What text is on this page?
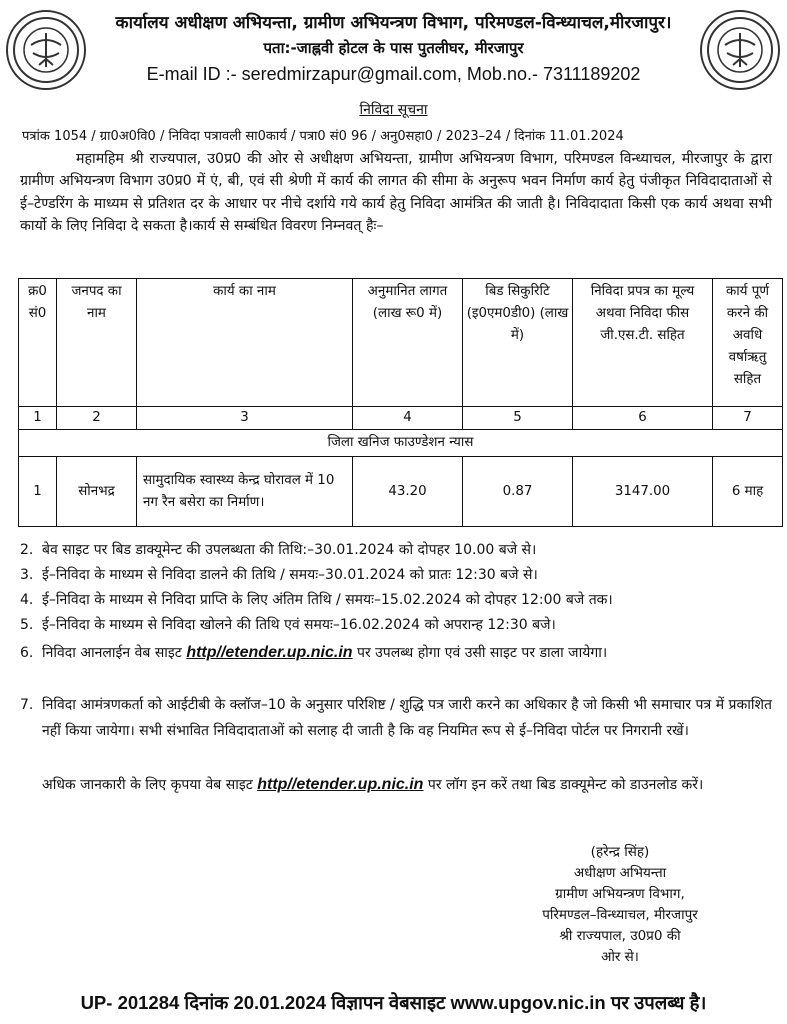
कार्यालय अधीक्षण अभियन्ता, ग्रामीण अभियन्त्रण विभाग, परिमण्डल-विन्ध्याचल,मीरजापुर।
पता:-जाह्नवी होटल के पास पुतलीघर, मीरजापुर
E-mail ID :- seredmirzapur@gmail.com, Mob.no.- 7311189202
निविदा सूचना
पत्रांक 1054 / ग्रा0अ0वि0 / निविदा पत्रावली सा0कार्य / पत्रा0 सं0 96 / अनु0सहा0 / 2023–24 / दिनांक 11.01.2024
महामहिम श्री राज्यपाल, उ0प्र0 की ओर से अधीक्षण अभियन्ता, ग्रामीण अभियन्त्रण विभाग, परिमण्डल विन्ध्याचल, मीरजापुर के द्वारा ग्रामीण अभियन्त्रण विभाग उ0प्र0 में एं, बी, एवं सी श्रेणी में कार्य की लागत की सीमा के अनुरूप भवन निर्माण कार्य हेतु पंजीकृत निविदादाताओं से ई–टेण्डरिंग के माध्यम से प्रतिशत दर के आधार पर नीचे दर्शाये गये कार्य हेतु निविदा आमंत्रित की जाती है। निविदादाता किसी एक कार्य अथवा सभी कार्यो के लिए निविदा दे सकता है।कार्य से सम्बंधित विवरण निम्नवत् हैः–
क्र0 सं0	जनपद का नाम	कार्य का नाम	अनुमानित लागत (लाख रू0 में)	बिड सिकुरिटि (इ0एम0डी0) (लाख में)	निविदा प्रपत्र का मूल्य अथवा निविदा फीस जी.एस.टी. सहित	कार्य पूर्ण करने की अवधि वर्षाऋतु सहित
1	2	3	4	5	6	7
जिला खनिज फाउण्डेशन न्यास						
1	सोनभद्र	सामुदायिक स्वास्थ्य केन्द्र घोरावल में 10 नग रैन बसेरा का निर्माण।	43.20	0.87	3147.00	6 माह
2. बेव साइट पर बिड डाक्यूमेन्ट की उपलब्धता की तिथि:–30.01.2024 को दोपहर 10.00 बजे से।
3. ई–निविदा के माध्यम से निविदा डालने की तिथि / समयः–30.01.2024 को प्रातः 12:30 बजे से।
4. ई–निविदा के माध्यम से निविदा प्राप्ति के लिए अंतिम तिथि / समयः–15.02.2024 को दोपहर 12:00 बजे तक।
5. ई–निविदा के माध्यम से निविदा खोलने की तिथि एवं समयः–16.02.2024 को अपरान्ह 12:30 बजे।
6. निविदा आनलाईन वेब साइट http//etender.up.nic.in पर उपलब्ध होगा एवं उसी साइट पर डाला जायेगा।
7. निविदा आमंत्रणकर्ता को आईटीबी के क्लॉज–10 के अनुसार परिशिष्ट / शुद्धि पत्र जारी करने का अधिकार है जो किसी भी समाचार पत्र में प्रकाशित नहीं किया जायेगा। सभी संभावित निविदादाताओं को सलाह दी जाती है कि वह नियमित रूप से ई–निविदा पोर्टल पर निगरानी रखें।
अधिक जानकारी के लिए कृपया वेब साइट http//etender.up.nic.in पर लॉग इन करें तथा बिड डाक्यूमेन्ट को डाउनलोड करें।
(हरेन्द्र सिंह)
अधीक्षण अभियन्ता
ग्रामीण अभियन्त्रण विभाग,
परिमण्डल–विन्ध्याचल, मीरजापुर
श्री राज्यपाल, उ0प्र0 की
ओर से।
UP- 201284 दिनांक 20.01.2024 विज्ञापन वेबसाइट www.upgov.nic.in पर उपलब्ध है।
